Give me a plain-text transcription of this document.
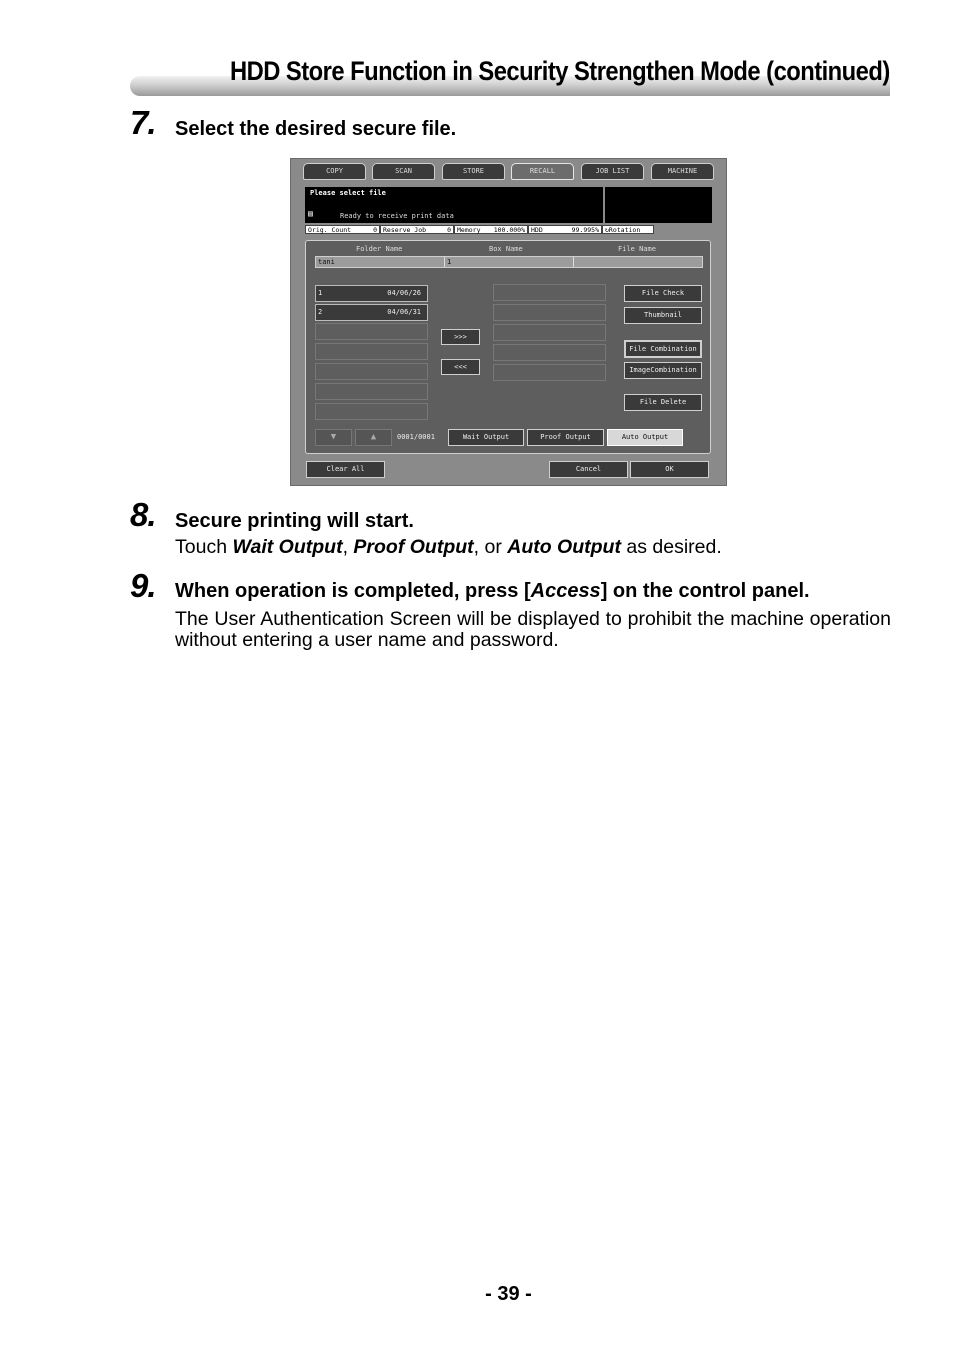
HDD Store Function in Security Strengthen Mode (continued)
7. Select the desired secure file.
COPY	SCAN	STORE	RECALL	JOB LIST	MACHINE
Please select file
▤	Ready to receive print data
Orig. Count	0 Reserve Job	0 Memory 100.000% HDD	99.995% ↻Rotation
Folder Name	Box Name	File Name
tani	1
1	04/06/26
2	04/06/31
>>>
<<<
File Check
Thumbnail
File Combination
ImageCombination
File Delete
▼	▲	0001/0001	Wait Output	Proof Output	Auto Output
Clear All	Cancel	OK
8. Secure printing will start.
Touch Wait Output, Proof Output, or Auto Output as desired.
9. When operation is completed, press [Access] on the control panel.
The User Authentication Screen will be displayed to prohibit the machine operation without entering a user name and password.
- 39 -
